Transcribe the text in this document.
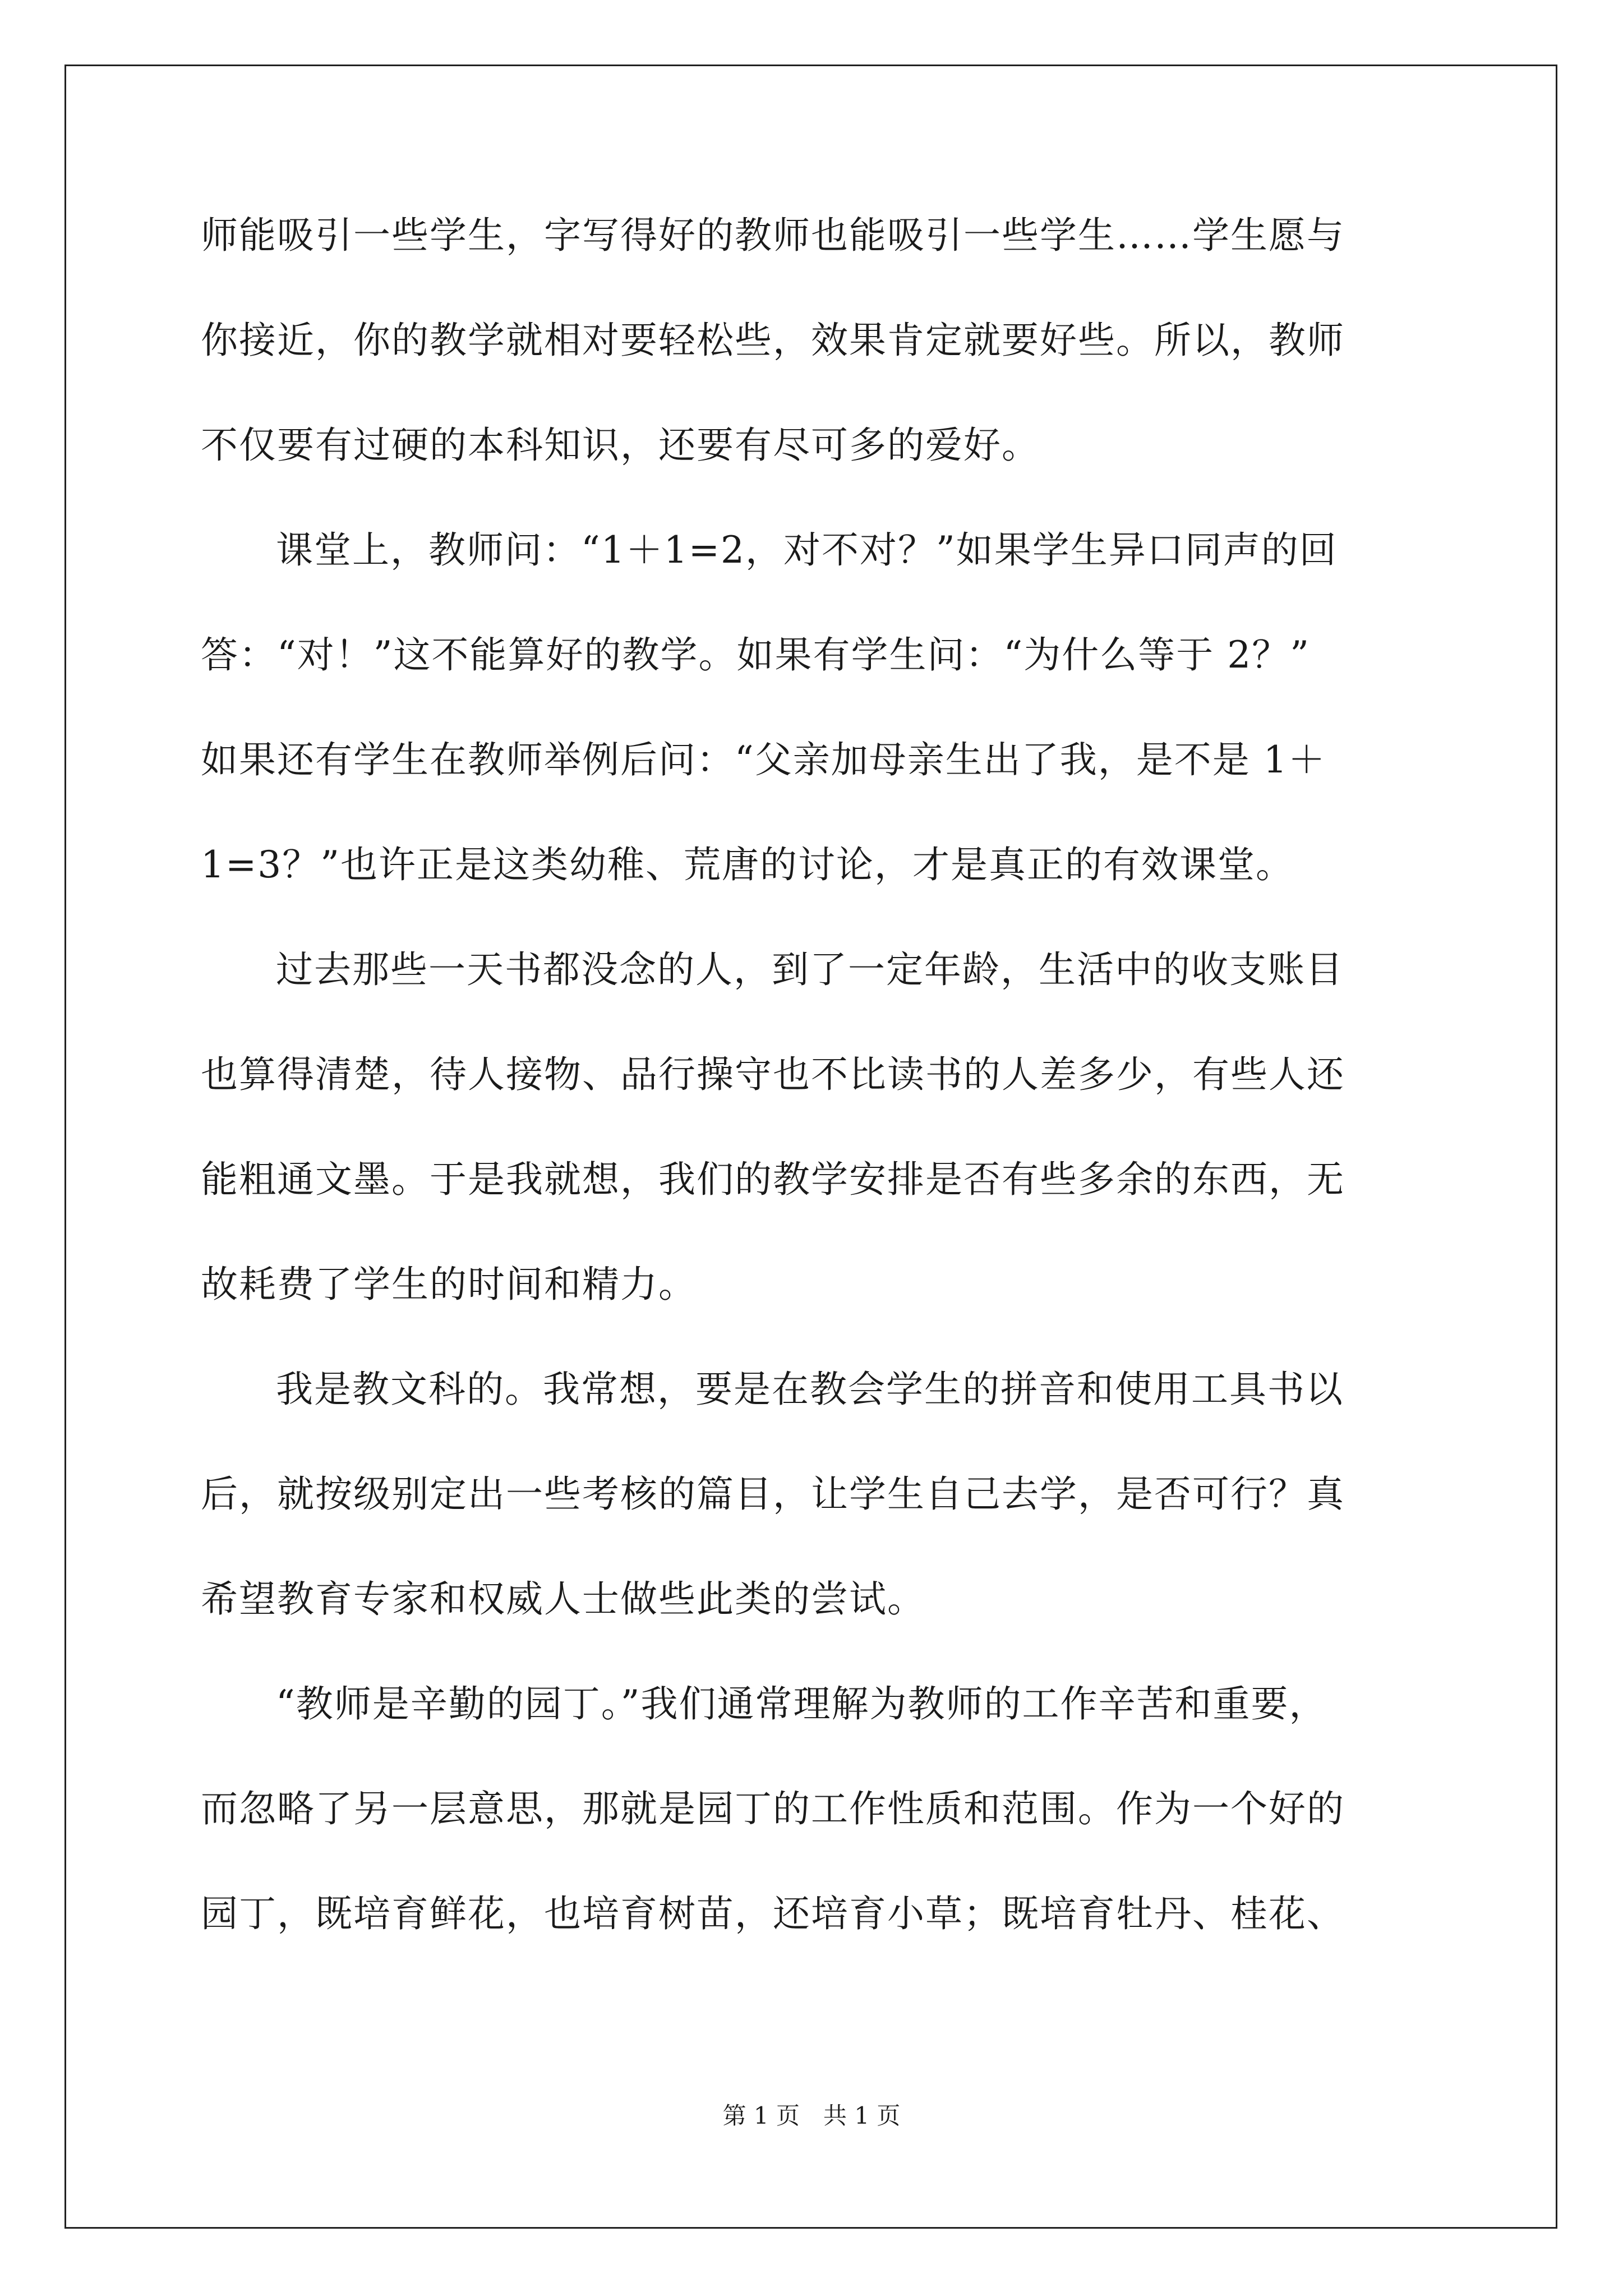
师能吸引一些学生，字写得好的教师也能吸引一些学生……学生愿与
你接近，你的教学就相对要轻松些，效果肯定就要好些。所以，教师
不仅要有过硬的本科知识，还要有尽可多的爱好。
课堂上，教师问：“1＋1=2，对不对？”如果学生异口同声的回
答：“对！”这不能算好的教学。如果有学生问：“为什么等于 2？”
如果还有学生在教师举例后问：“父亲加母亲生出了我，是不是 1＋
1=3？”也许正是这类幼稚、荒唐的讨论，才是真正的有效课堂。
过去那些一天书都没念的人，到了一定年龄，生活中的收支账目
也算得清楚，待人接物、品行操守也不比读书的人差多少，有些人还
能粗通文墨。于是我就想，我们的教学安排是否有些多余的东西，无
故耗费了学生的时间和精力。
我是教文科的。我常想，要是在教会学生的拼音和使用工具书以
后，就按级别定出一些考核的篇目，让学生自己去学，是否可行？真
希望教育专家和权威人士做些此类的尝试。
“教师是辛勤的园丁。”我们通常理解为教师的工作辛苦和重要，
而忽略了另一层意思，那就是园丁的工作性质和范围。作为一个好的
园丁，既培育鲜花，也培育树苗，还培育小草；既培育牡丹、桂花、
第 1 页　共 1 页
